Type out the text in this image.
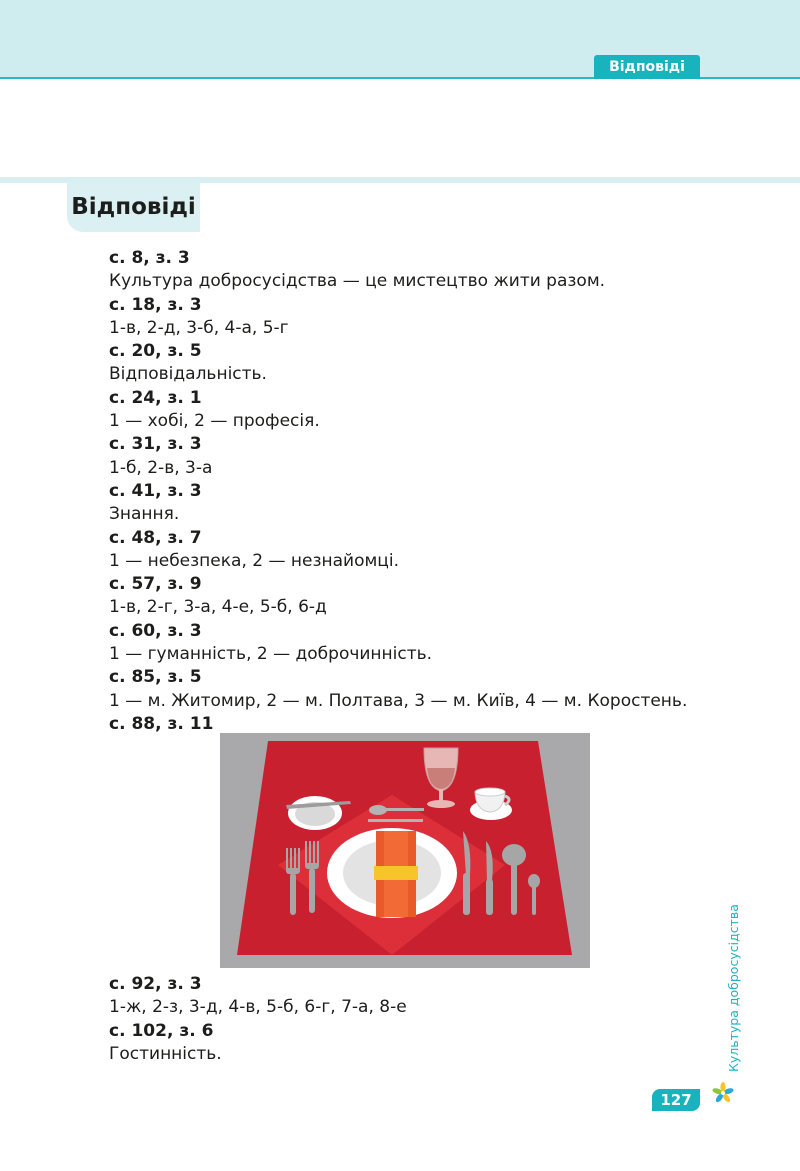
Відповіді
Відповіді
с. 8, з. 3
Культура добросусідства — це мистецтво жити разом.
с. 18, з. 3
1-в, 2-д, 3-б, 4-а, 5-г
с. 20, з. 5
Відповідальність.
с. 24, з. 1
1 — хобі, 2 — професія.
с. 31, з. 3
1-б, 2-в, 3-а
с. 41, з. 3
Знання.
с. 48, з. 7
1 — небезпека, 2 — незнайомці.
с. 57, з. 9
1-в, 2-г, 3-а, 4-е, 5-б, 6-д
с. 60, з. 3
1 — гуманність, 2 — доброчинність.
с. 85, з. 5
1 — м. Житомир, 2 — м. Полтава, 3 — м. Київ, 4 — м. Коростень.
с. 88, з. 11
с. 92, з. 3
1-ж, 2-з, 3-д, 4-в, 5-б, 6-г, 7-а, 8-е
с. 102, з. 6
Гостинність.	Культура добросусідства
127
